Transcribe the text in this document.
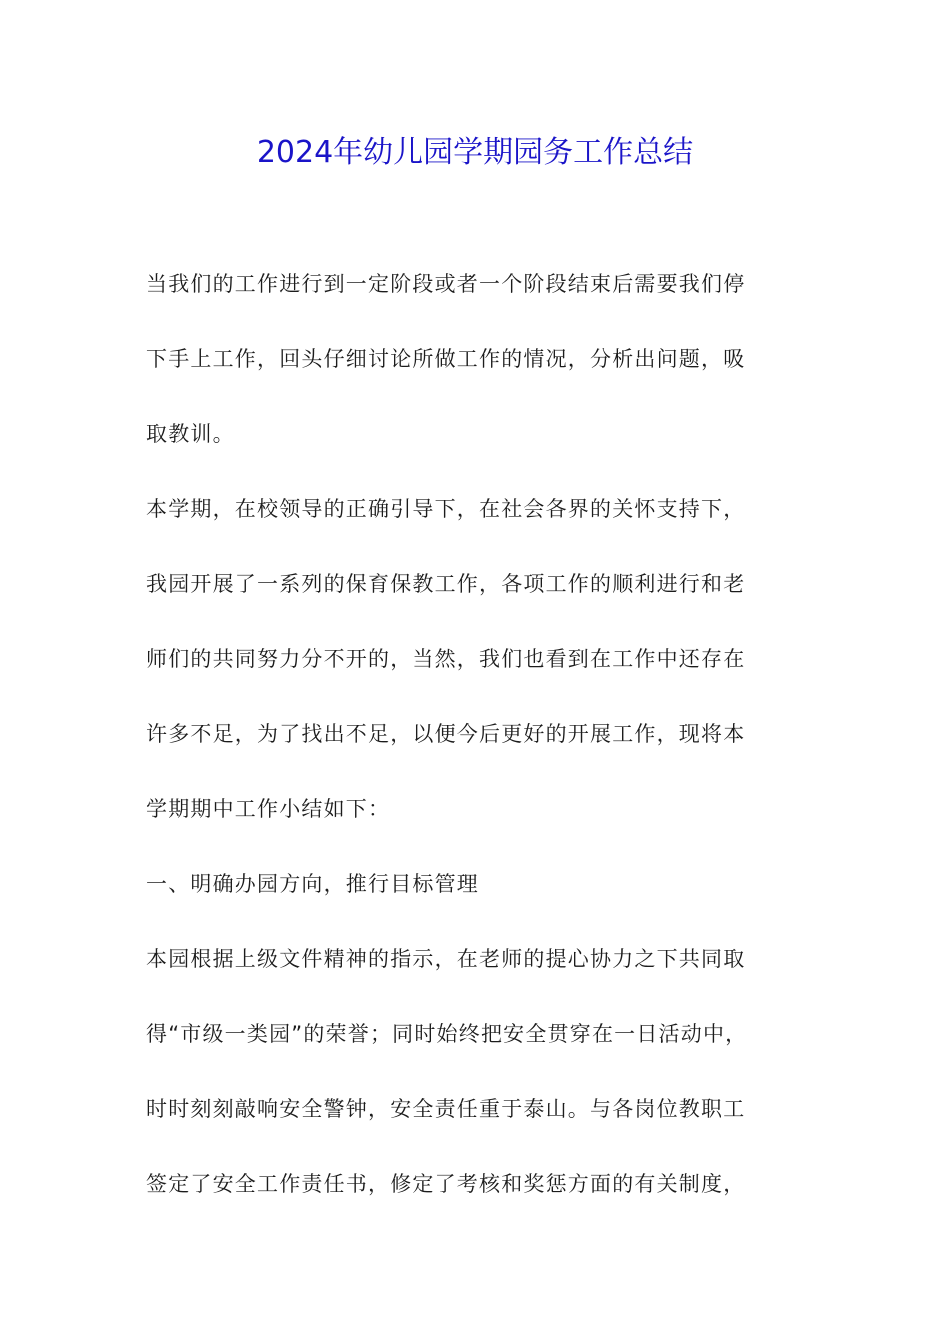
2024年幼儿园学期园务工作总结
当我们的工作进行到一定阶段或者一个阶段结束后需要我们停
下手上工作，回头仔细讨论所做工作的情况，分析出问题，吸
取教训。
本学期，在校领导的正确引导下，在社会各界的关怀支持下，
我园开展了一系列的保育保教工作，各项工作的顺利进行和老
师们的共同努力分不开的，当然，我们也看到在工作中还存在
许多不足，为了找出不足，以便今后更好的开展工作，现将本
学期期中工作小结如下：
一、明确办园方向，推行目标管理
本园根据上级文件精神的指示，在老师的提心协力之下共同取
得“市级一类园”的荣誉；同时始终把安全贯穿在一日活动中，
时时刻刻敲响安全警钟，安全责任重于泰山。与各岗位教职工
签定了安全工作责任书，修定了考核和奖惩方面的有关制度，
